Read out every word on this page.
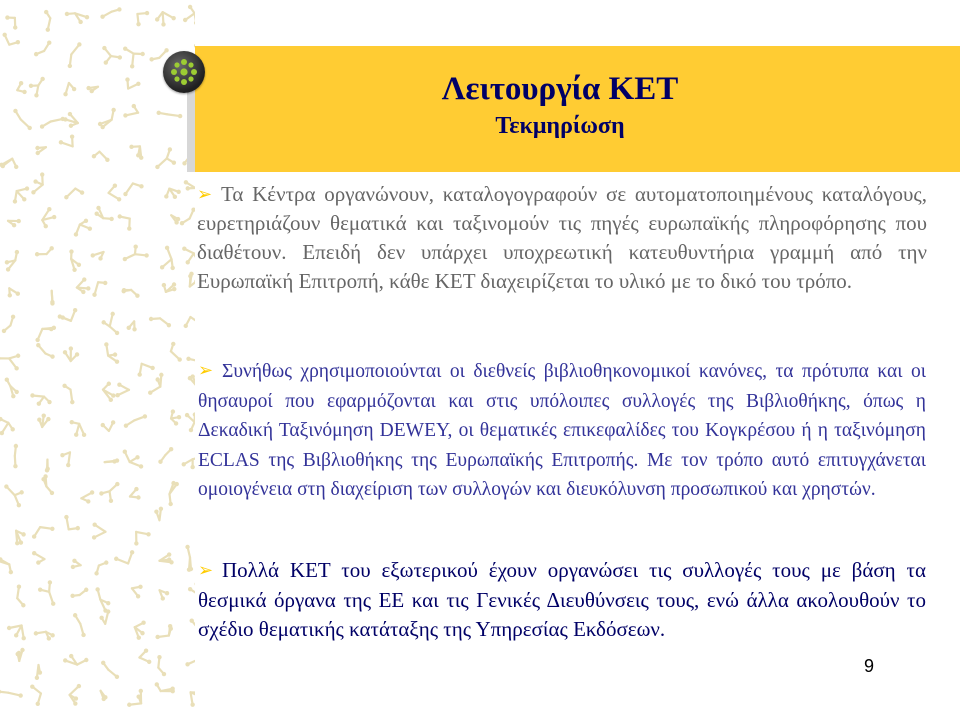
Λειτουργία KET
Τεκμηρίωση
➢ Τα Κέντρα οργανώνουν, καταλογογραφούν σε αυτοματοποιημένους καταλόγους, ευρετηριάζουν θεματικά και ταξινομούν τις πηγές ευρωπαϊκής πληροφόρησης που διαθέτουν. Επειδή δεν υπάρχει υποχρεωτική κατευθυντήρια γραμμή από την Ευρωπαϊκή Επιτροπή, κάθε KET διαχειρίζεται το υλικό με το δικό του τρόπο.
➢ Συνήθως χρησιμοποιούνται οι διεθνείς βιβλιοθηκονομικοί κανόνες, τα πρότυπα και οι θησαυροί που εφαρμόζονται και στις υπόλοιπες συλλογές της Βιβλιοθήκης, όπως η Δεκαδική Ταξινόμηση DEWEY, οι θεματικές επικεφαλίδες του Κογκρέσου ή η ταξινόμηση ECLAS της Βιβλιοθήκης της Ευρωπαϊκής Επιτροπής. Με τον τρόπο αυτό επιτυγχάνεται ομοιογένεια στη διαχείριση των συλλογών και διευκόλυνση προσωπικού και χρηστών.
➢ Πολλά KET του εξωτερικού έχουν οργανώσει τις συλλογές τους με βάση τα θεσμικά όργανα της ΕΕ και τις Γενικές Διευθύνσεις τους, ενώ άλλα ακολουθούν το σχέδιο θεματικής κατάταξης της Υπηρεσίας Εκδόσεων.
9
